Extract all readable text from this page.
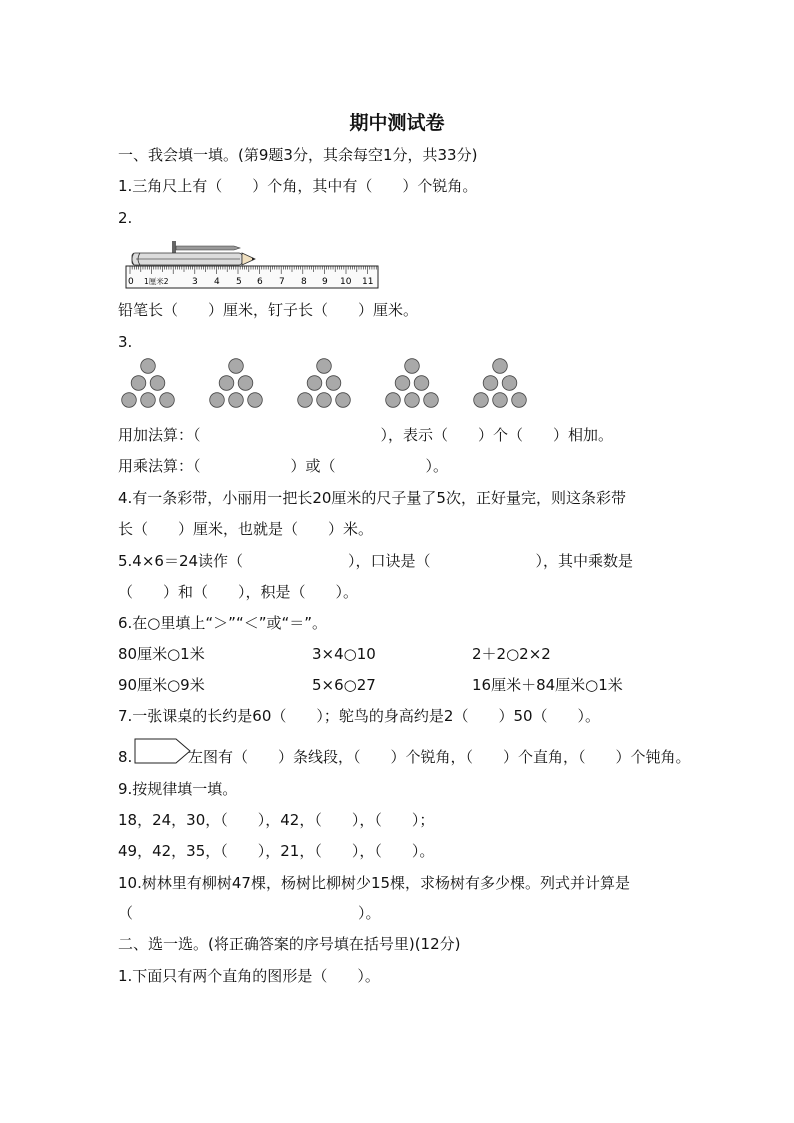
期中测试卷
一、我会填一填。(第9题3分，其余每空1分，共33分)
1.三角尺上有（　　）个角，其中有（　　）个锐角。
2.
0 1厘米2	3 4 5 6 7 8 9 10 11
铅笔长（　　）厘米，钉子长（　　）厘米。
3.
用加法算：（　　　　　　　　　　　　），表示（　　）个（　　）相加。
用乘法算：（　　　　　　）或（　　　　　　）。
4.有一条彩带，小丽用一把长20厘米的尺子量了5次，正好量完，则这条彩带
长（　　）厘米，也就是（　　）米。
5.4×6＝24读作（　　　　　　　），口诀是（　　　　　　　），其中乘数是
（　　）和（　　），积是（　　）。
6.在○里填上“＞”“＜”或“＝”。
80厘米○1米	3×4○10	2＋2○2×2
90厘米○9米	5×6○27	16厘米＋84厘米○1米
7.一张课桌的长约是60（　　）；鸵鸟的身高约是2（　　）50（　　）。
8.	左图有（　　）条线段，（　　）个锐角，（　　）个直角，（　　）个钝角。
9.按规律填一填。
18，24，30，（　　），42，（　　），（　　）；
49，42，35，（　　），21，（　　），（　　）。
10.树林里有柳树47棵，杨树比柳树少15棵，求杨树有多少棵。列式并计算是
（　　　　　　　　　　　　　　　）。
二、选一选。(将正确答案的序号填在括号里)(12分)
1.下面只有两个直角的图形是（　　）。
